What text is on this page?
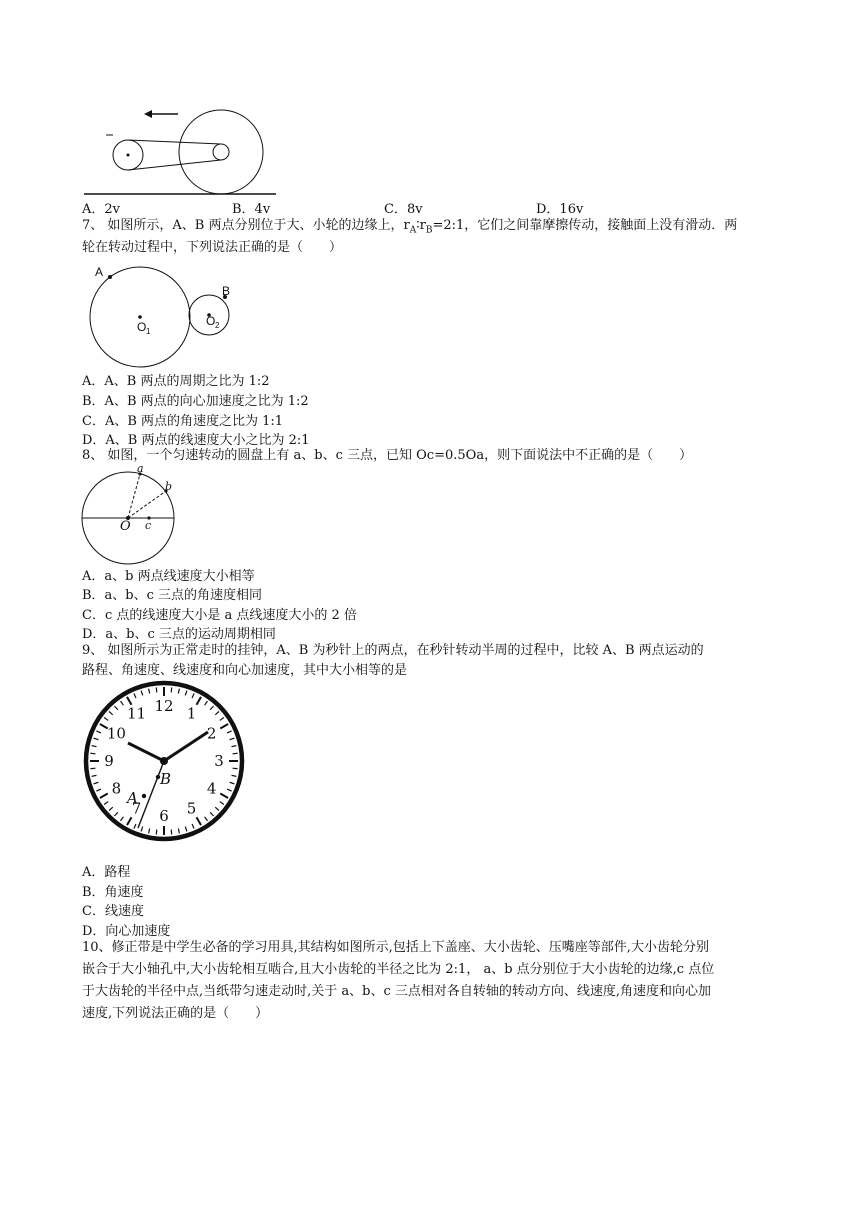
A．2v	B．4v	C．8v	D．16v
7、 如图所示，A、B 两点分别位于大、小轮的边缘上，$r_A∶r_B=2:1$，它们之间靠摩擦传动，接触面上没有滑动．两
轮在转动过程中，下列说法正确的是（　　）
A
B
O 1
O 2
A．A、B 两点的周期之比为 1:2
B．A、B 两点的向心加速度之比为 1:2
C．A、B 两点的角速度之比为 1:1
D．A、B 两点的线速度大小之比为 2:1
8、 如图，一个匀速转动的圆盘上有 a、b、c 三点，已知 Oc=0.5Oa，则下面说法中不正确的是（　　）
a
b
O c
A．a、b 两点线速度大小相等
B．a、b、c 三点的角速度相同
C．c 点的线速度大小是 a 点线速度大小的 2 倍
D．a、b、c 三点的运动周期相同
9、 如图所示为正常走时的挂钟，A、B 为秒针上的两点，在秒针转动半周的过程中，比较 A、B 两点运动的
路程、角速度、线速度和向心加速度，其中大小相等的是
12 1
2
3
4
5
6
7
8
9
10
11
B
A
A．路程
B．角速度
C．线速度
D．向心加速度
10、修正带是中学生必备的学习用具,其结构如图所示,包括上下盖座、大小齿轮、压嘴座等部件,大小齿轮分别
嵌合于大小轴孔中,大小齿轮相互啮合,且大小齿轮的半径之比为 2:1， a、b 点分别位于大小齿轮的边缘,c 点位
于大齿轮的半径中点,当纸带匀速走动时,关于 a、b、c 三点相对各自转轴的转动方向、线速度,角速度和向心加
速度,下列说法正确的是（　　）
